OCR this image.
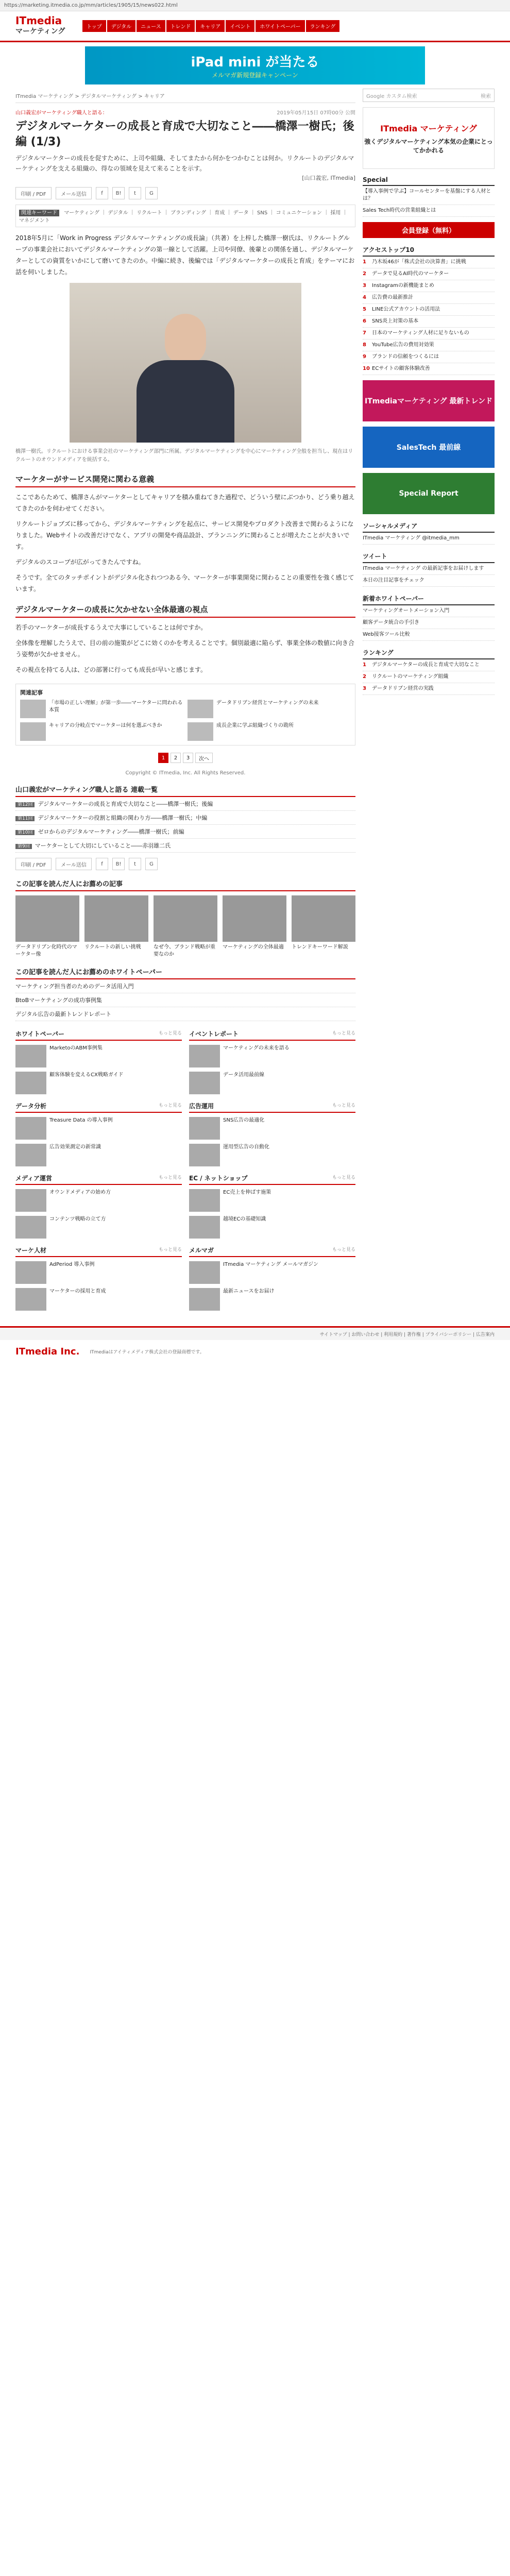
https://marketing.itmedia.co.jp/mm/articles/1905/15/news022.html
ITmedia
マーケティング	トップ	デジタル	ニュース	トレンド	キャリア	イベント	ホワイトペーパー	ランキング
iPad mini が当たる
メルマガ新規登録キャンペーン
ITmedia マーケティング > デジタルマーケティング > キャリア
山口義宏がマーケティング職人と語る：	2019年05月15日 07時00分 公開
デジタルマーケターの成長と育成で大切なこと――橋澤一樹氏；後編 (1/3)
デジタルマーケターの成長を促すために、上司や組織、そしてまたから何かをつかむことは何か。リクルートのデジタルマーケティングを支える組織の、得なの領域を見えて来ることを示す。
[山口義宏, ITmedia]
印刷 / PDF	メール送信	f	B!	t	G
関連キーワード マーケティング ｜ デジタル ｜ リクルート ｜ ブランディング ｜ 育成 ｜ データ ｜ SNS ｜ コミュニケーション ｜ 採用 ｜ マネジメント

2018年5月に「Work in Progress デジタルマーケティングの成長論」（共著）を上梓した橋澤一樹氏は、リクルートグループの事業会社においてデジタルマーケティングの第一線として活躍。上司や同僚、後輩との関係を通し、デジタルマーケターとしての資質をいかにして磨いてきたのか。中編に続き、後編では「デジタルマーケターの成長と育成」をテーマにお話を伺いしました。

橋澤一樹氏。リクルートにおける事業会社のマーケティング部門に所属。デジタルマーケティングを中心にマーケティング全般を担当し、現在はリクルートのオウンドメディアを統括する。
マーケターがサービス開発に関わる意義

ここであらためて、橋澤さんがマーケターとしてキャリアを積み重ねてきた過程で、どういう壁にぶつかり、どう乗り越えてきたのかを伺わせてください。

リクルートジョブズに移ってから、デジタルマーケティングを起点に、サービス開発やプロダクト改善まで関わるようになりました。Webサイトの改善だけでなく、アプリの開発や商品設計、プランニングに関わることが増えたことが大きいです。

デジタルのスコープが広がってきたんですね。

そうです。全てのタッチポイントがデジタル化されつつある今、マーケターが事業開発に関わることの重要性を強く感じています。

デジタルマーケターの成長に欠かせない全体最適の視点

若手のマーケターが成長するうえで大事にしていることは何ですか。

全体像を理解したうえで、目の前の施策がどこに効くのかを考えることです。個別最適に陥らず、事業全体の数値に向き合う姿勢が欠かせません。

その視点を持てる人は、どの部署に行っても成長が早いと感じます。

関連記事
「市場の正しい理解」が第一歩――マーケターに問われる本質
データドリブン経営とマーケティングの未来
キャリアの分岐点でマーケターは何を選ぶべきか	成長企業に学ぶ組織づくりの勘所
1	2	3	次へ
Copyright © ITmedia, Inc. All Rights Reserved.
山口義宏がマーケティング職人と語る 連載一覧
第12回 デジタルマーケターの成長と育成で大切なこと――橋澤一樹氏；後編
第11回 デジタルマーケターの役割と組織の関わり方――橋澤一樹氏；中編
第10回 ゼロからのデジタルマーケティング――橋澤一樹氏；前編
第9回 マーケターとして大切にしていること――赤羽雄二氏
印刷 / PDF	メール送信	f	B!	t	G
この記事を読んだ人にお薦めの記事
データドリブン化時代のマーケター像
リクルートの新しい挑戦	なぜ今、ブランド戦略が重要なのか
マーケティングの全体最適	トレンドキーワード解説
この記事を読んだ人にお薦めのホワイトペーパー
マーケティング担当者のためのデータ活用入門
BtoBマーケティングの成功事例集
デジタル広告の最新トレンドレポート
ホワイトペーパー	もっと見る
MarketoのABM事例集
顧客体験を変えるCX戦略ガイド
イベントレポート	もっと見る
マーケティングの未来を語る
データ活用最前線
データ分析	もっと見る
Treasure Data の導入事例
広告効果測定の新常識
広告運用	もっと見る
SNS広告の最適化
運用型広告の自動化
メディア運営	もっと見る
オウンドメディアの始め方
コンテンツ戦略の立て方
EC / ネットショップ	もっと見る
EC売上を伸ばす施策
越境ECの基礎知識
マーケ人材	もっと見る
AdPeriod 導入事例
マーケターの採用と育成
メルマガ	もっと見る
ITmedia マーケティング メールマガジン
最新ニュースをお届け
Google カスタム検索	検索
ITmedia マーケティング
強くデジタルマーケティング本気の企業にとってかかれる
Special
【導入事例で学ぶ】コールセンターを基盤にする人材とは？
Sales Tech時代の営業組織とは
会員登録（無料）
アクセストップ10
1	乃木坂46が「株式会社の決算書」に挑戦
2	データで見るAI時代のマーケター
3	Instagramの新機能まとめ
4	広告費の最新推計
5	LINE公式アカウントの活用法
6	SNS炎上対策の基本
7	日本のマーケティング人材に足りないもの
8	YouTube広告の費用対効果
9	ブランドの信頼をつくるには
10 ECサイトの顧客体験改善
ITmediaマーケティング 最新トレンド
SalesTech 最前線
Special Report
ソーシャルメディア
ITmedia マーケティング @itmedia_mm
ツイート
ITmedia マーケティング の最新記事をお届けします
本日の注目記事をチェック
新着ホワイトペーパー
マーケティングオートメーション入門
顧客データ統合の手引き
Web接客ツール比較
ランキング
1	デジタルマーケターの成長と育成で大切なこと
2	リクルートのマーケティング組織
3	データドリブン経営の実践
サイトマップ | お問い合わせ | 利用規約 | 著作権 | プライバシーポリシー | 広告案内
ITmedia Inc. ITmediaはアイティメディア株式会社の登録商標です。
